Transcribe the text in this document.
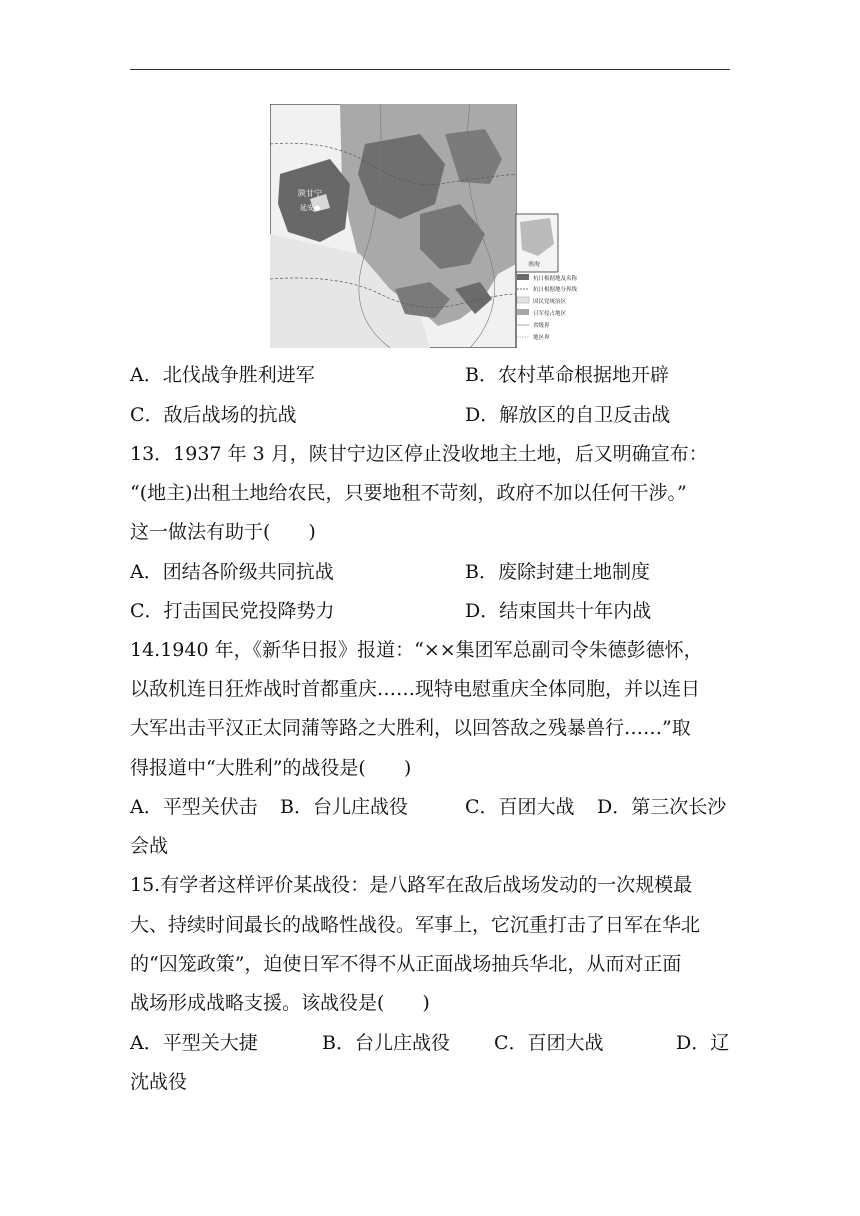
陕甘宁
延安●
南海
抗日根据地及名称
抗日根据地分界线
国民党统治区
日军侵占地区
省级界
地区界
A．北伐战争胜利进军	B．农村革命根据地开辟
C．敌后战场的抗战	D．解放区的自卫反击战
13．1937 年 3 月，陕甘宁边区停止没收地主土地，后又明确宣布：
“(地主)出租土地给农民，只要地租不苛刻，政府不加以任何干涉。”
这一做法有助于(　　)
A．团结各阶级共同抗战	B．废除封建土地制度
C．打击国民党投降势力	D．结束国共十年内战
14.1940 年，《新华日报》报道：“××集团军总副司令朱德彭德怀，
以敌机连日狂炸战时首都重庆……现特电慰重庆全体同胞，并以连日
大军出击平汉正太同蒲等路之大胜利，以回答敌之残暴兽行……”取
得报道中“大胜利”的战役是(　　)
A．平型关伏击 B．台儿庄战役	C．百团大战 D．第三次长沙
会战
15.有学者这样评价某战役：是八路军在敌后战场发动的一次规模最
大、持续时间最长的战略性战役。军事上，它沉重打击了日军在华北
的“囚笼政策”，迫使日军不得不从正面战场抽兵华北，从而对正面
战场形成战略支援。该战役是(　　)
A．平型关大捷	B．台儿庄战役 C．百团大战	D．辽
沈战役
